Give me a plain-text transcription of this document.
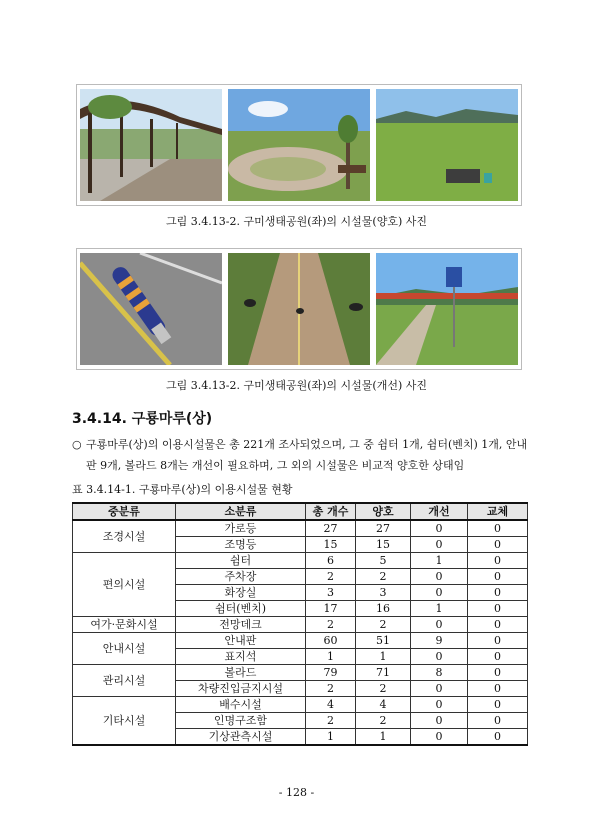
그림 3.4.13-2. 구미생태공원(좌)의 시설물(양호) 사진
그림 3.4.13-2. 구미생태공원(좌)의 시설물(개선) 사진
3.4.14. 구룡마루(상)
○ 구룡마루(상)의 이용시설물은 총 221개 조사되었으며, 그 중 쉼터 1개, 쉼터(벤치) 1개, 안내판 9개, 볼라드 8개는 개선이 필요하며, 그 외의 시설물은 비교적 양호한 상태임
표 3.4.14-1. 구룡마루(상)의 이용시설물 현황
중분류	소분류	총 개수	양호	개선	교체
조경시설	가로등	27	27	0	0
	조명등	15	15	0	0
편의시설	쉼터	6	5	1	0
	주차장	2	2	0	0
	화장실	3	3	0	0
	쉼터(벤치)	17	16	1	0
여가·문화시설	전망데크	2	2	0	0
안내시설	안내판	60	51	9	0
	표지석	1	1	0	0
관리시설	볼라드	79	71	8	0
	차량진입금지시설	2	2	0	0
기타시설	배수시설	4	4	0	0
	인명구조함	2	2	0	0
	기상관측시설	1	1	0	0
- 128 -
